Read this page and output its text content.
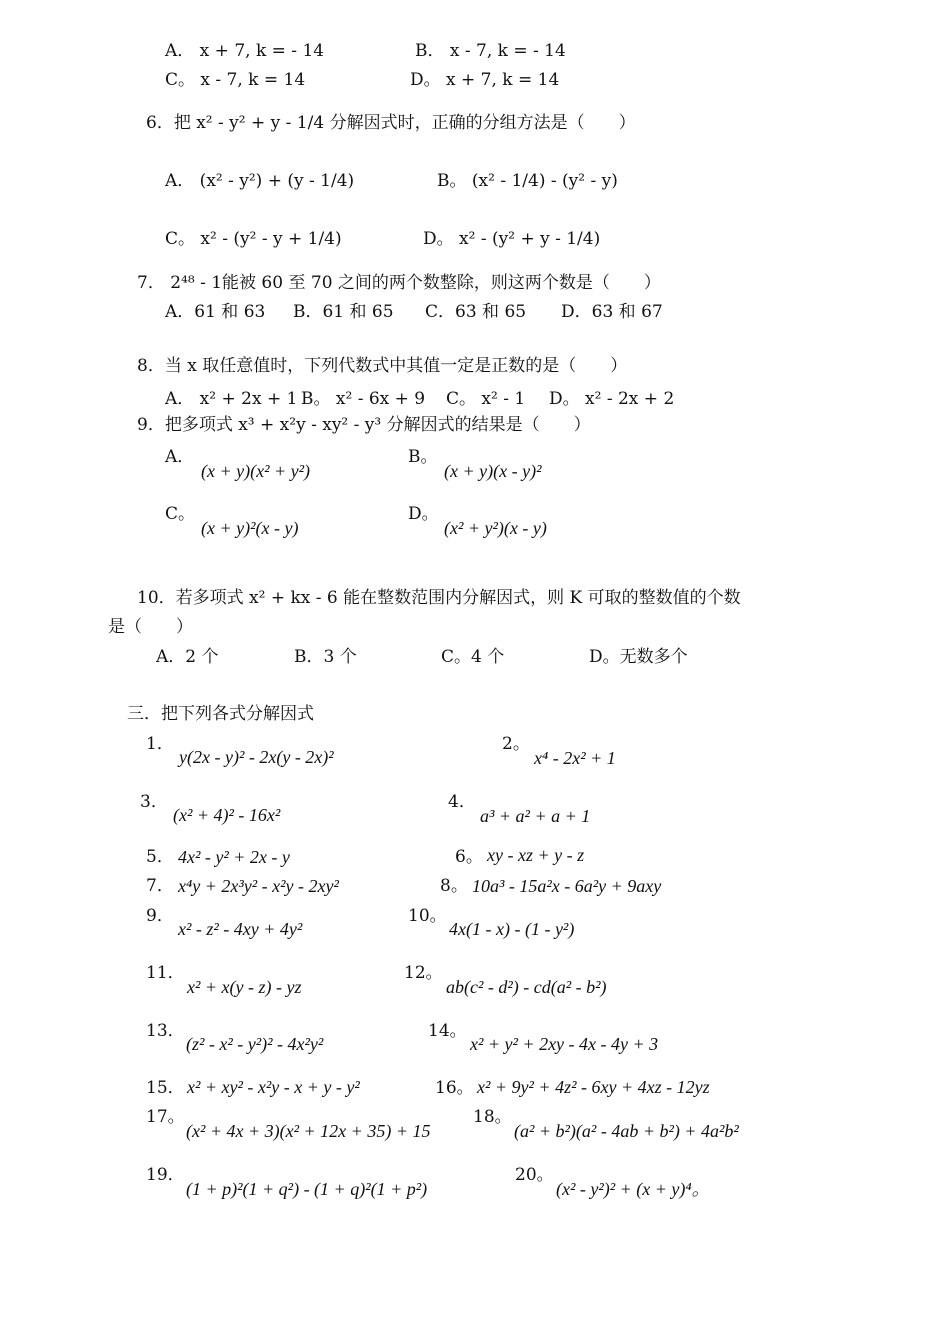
A． x + 7, k = - 14	B． x - 7, k = - 14
C。 x - 7, k = 14	D。 x + 7, k = 14
6．把 x² - y² + y - 1/4 分解因式时，正确的分组方法是（　　）
A． (x² - y²) + (y - 1/4)	B。 (x² - 1/4) - (y² - y)
C。 x² - (y² - y + 1/4)	D。 x² - (y² + y - 1/4)
7． 2⁴⁸ - 1能被 60 至 70 之间的两个数整除，则这两个数是（　　）
A．61 和 63 B．61 和 65 C．63 和 65 D．63 和 67
8．当 x 取任意值时，下列代数式中其值一定是正数的是（　　）
A． x² + 2x + 1 B。 x² - 6x + 9 C。 x² - 1 D。 x² - 2x + 2
9．把多项式 x³ + x²y - xy² - y³ 分解因式的结果是（　　）
A．
(x + y)(x² + y²)
B。
(x + y)(x - y)²
C。
(x + y)²(x - y)
D。
(x² + y²)(x - y)
10．若多项式 x² + kx - 6 能在整数范围内分解因式，则 K 可取的整数值的个数
是（　　）
A．2 个	B．3 个	C。4 个	D。无数多个
三．把下列各式分解因式
1．
y(2x - y)² - 2x(y - 2x)²
2。
x⁴ - 2x² + 1
3．
(x² + 4)² - 16x²
4．
a³ + a² + a + 1
5． 4x² - y² + 2x - y	6。 xy - xz + y - z
7． x⁴y + 2x³y² - x²y - 2xy²	8。 10a³ - 15a²x - 6a²y + 9axy
9．
x² - z² - 4xy + 4y²
10。
4x(1 - x) - (1 - y²)
11．
x² + x(y - z) - yz
12。
ab(c² - d²) - cd(a² - b²)
13．
(z² - x² - y²)² - 4x²y²
14。
x² + y² + 2xy - 4x - 4y + 3
15． x² + xy² - x²y - x + y - y²	16。 x² + 9y² + 4z² - 6xy + 4xz - 12yz
17。
(x² + 4x + 3)(x² + 12x + 35) + 15
18。
(a² + b²)(a² - 4ab + b²) + 4a²b²
19．
(1 + p)²(1 + q²) - (1 + q)²(1 + p²)
20。
(x² - y²)² + (x + y)⁴。
